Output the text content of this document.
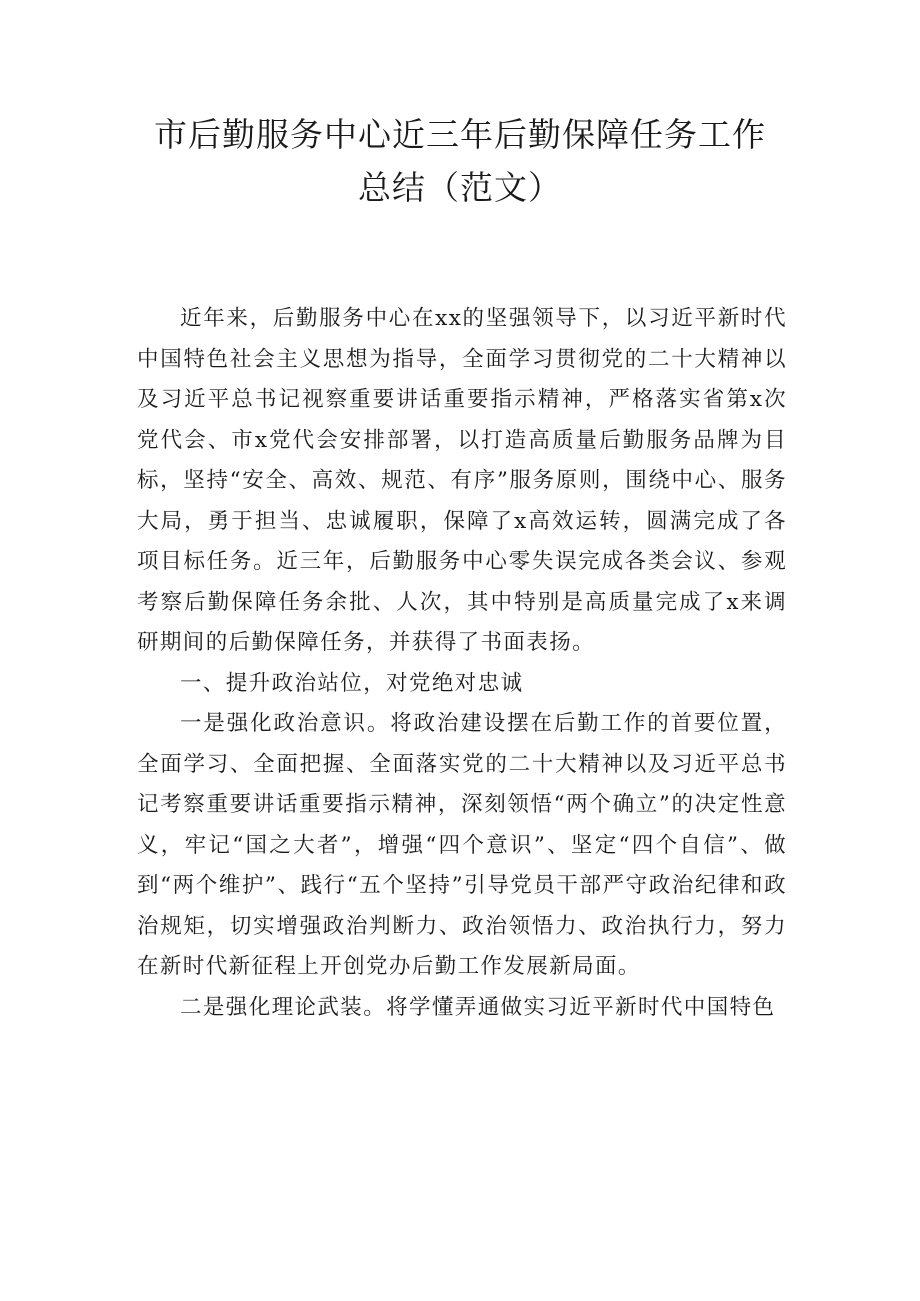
市后勤服务中心近三年后勤保障任务工作
总结（范文）

近年来，后勤服务中心在xx的坚强领导下，以习近平新时代中国特色社会主义思想为指导，全面学习贯彻党的二十大精神以及习近平总书记视察重要讲话重要指示精神，严格落实省第x次党代会、市x党代会安排部署，以打造高质量后勤服务品牌为目标，坚持“安全、高效、规范、有序”服务原则，围绕中心、服务大局，勇于担当、忠诚履职，保障了x高效运转，圆满完成了各项目标任务。近三年，后勤服务中心零失误完成各类会议、参观考察后勤保障任务余批、人次，其中特别是高质量完成了x来调研期间的后勤保障任务，并获得了书面表扬。

一、提升政治站位，对党绝对忠诚

一是强化政治意识。将政治建设摆在后勤工作的首要位置，全面学习、全面把握、全面落实党的二十大精神以及习近平总书记考察重要讲话重要指示精神，深刻领悟“两个确立”的决定性意义，牢记“国之大者”，增强“四个意识”、坚定“四个自信”、做到“两个维护”、践行“五个坚持”引导党员干部严守政治纪律和政治规矩，切实增强政治判断力、政治领悟力、政治执行力，努力在新时代新征程上开创党办后勤工作发展新局面。

二是强化理论武装。将学懂弄通做实习近平新时代中国特色
